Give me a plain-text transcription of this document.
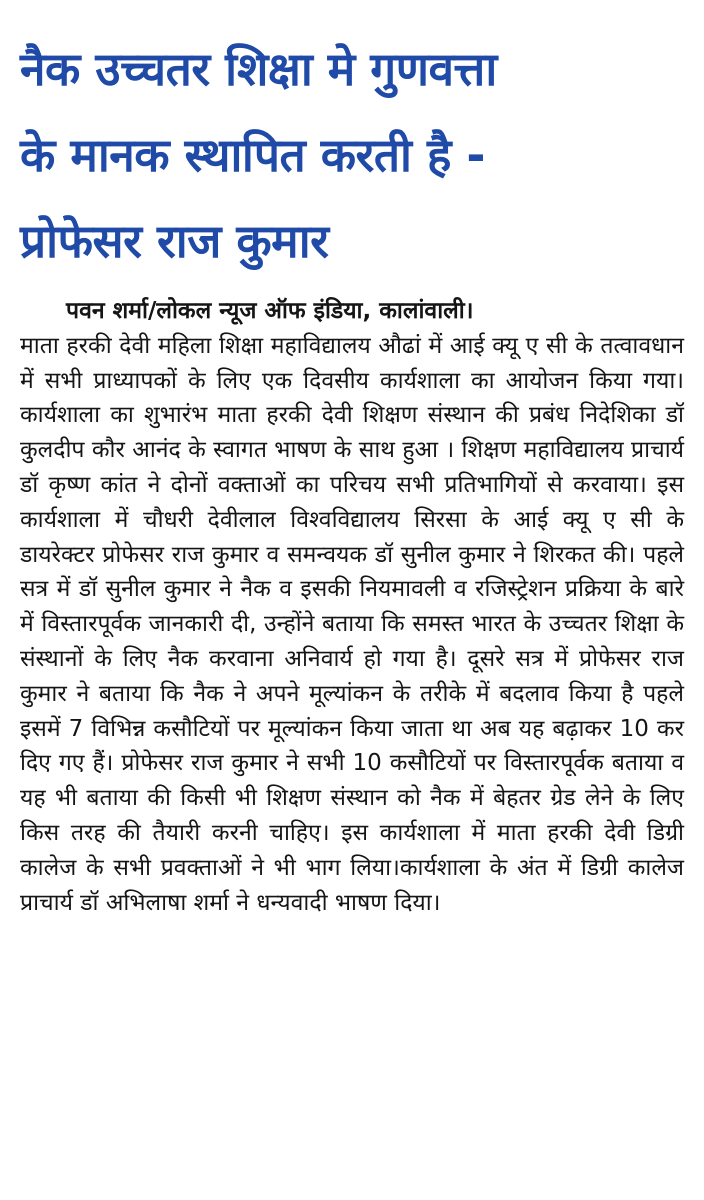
नैक उच्चतर शिक्षा मे गुणवत्ता
के मानक स्थापित करती है -
प्रोफेसर राज कुमार
पवन शर्मा/लोकल न्यूज ऑफ इंडिया, कालांवाली।
माता हरकी देवी महिला शिक्षा महाविद्यालय औढां में आई क्यू ए सी के तत्वावधान में सभी प्राध्यापकों के लिए एक दिवसीय कार्यशाला का आयोजन किया गया।कार्यशाला का शुभारंभ माता हरकी देवी शिक्षण संस्थान की प्रबंध निदेशिका डॉ कुलदीप कौर आनंद के स्वागत भाषण के साथ हुआ । शिक्षण महाविद्यालय प्राचार्य डॉ कृष्ण कांत ने दोनों वक्ताओं का परिचय सभी प्रतिभागियों से करवाया। इस कार्यशाला में चौधरी देवीलाल विश्वविद्यालय सिरसा के आई क्यू ए सी के डायरेक्टर प्रोफेसर राज कुमार व समन्वयक डॉ सुनील कुमार ने शिरकत की। पहले सत्र में डॉ सुनील कुमार ने नैक व इसकी नियमावली व रजिस्ट्रेशन प्रक्रिया के बारे में विस्तारपूर्वक जानकारी दी, उन्होंने बताया कि समस्त भारत के उच्चतर शिक्षा के संस्थानों के लिए नैक करवाना अनिवार्य हो गया है। दूसरे सत्र में प्रोफेसर राज कुमार ने बताया कि नैक ने अपने मूल्यांकन के तरीके में बदलाव किया है पहले इसमें 7 विभिन्न कसौटियों पर मूल्यांकन किया जाता था अब यह बढ़ाकर 10 कर दिए गए हैं। प्रोफेसर राज कुमार ने सभी 10 कसौटियों पर विस्तारपूर्वक बताया व यह भी बताया की किसी भी शिक्षण संस्थान को नैक में बेहतर ग्रेड लेने के लिए किस तरह की तैयारी करनी चाहिए। इस कार्यशाला में माता हरकी देवी डिग्री कालेज के सभी प्रवक्ताओं ने भी भाग लिया।कार्यशाला के अंत में डिग्री कालेज प्राचार्य डॉ अभिलाषा शर्मा ने धन्यवादी भाषण दिया।
